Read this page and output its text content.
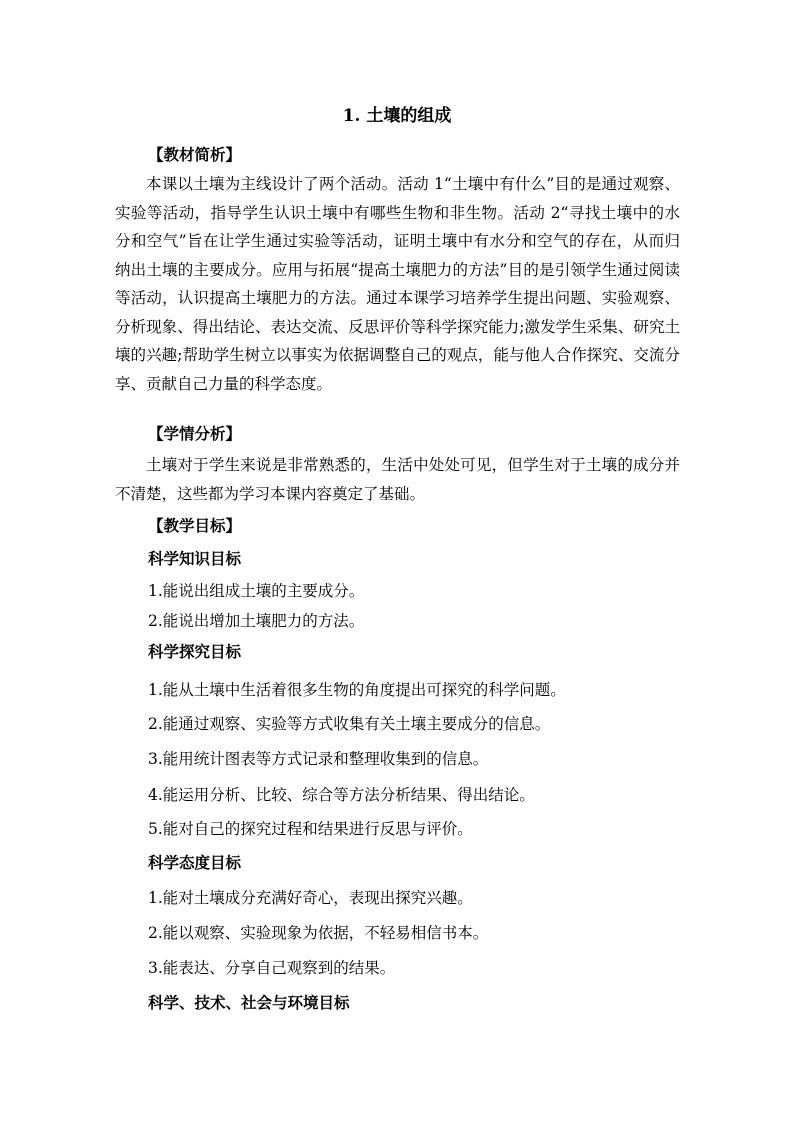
1. 土壤的组成
【教材简析】
本课以土壤为主线设计了两个活动。活动 1“土壤中有什么”目的是通过观察、实验等活动，指导学生认识土壤中有哪些生物和非生物。活动 2“寻找土壤中的水分和空气”旨在让学生通过实验等活动，证明土壤中有水分和空气的存在，从而归纳出土壤的主要成分。应用与拓展“提高土壤肥力的方法”目的是引领学生通过阅读等活动，认识提高土壤肥力的方法。通过本课学习培养学生提出问题、实验观察、分析现象、得出结论、表达交流、反思评价等科学探究能力;激发学生采集、研究土壤的兴趣;帮助学生树立以事实为依据调整自己的观点，能与他人合作探究、交流分享、贡献自己力量的科学态度。
【学情分析】
土壤对于学生来说是非常熟悉的，生活中处处可见，但学生对于土壤的成分并不清楚，这些都为学习本课内容奠定了基础。
【教学目标】
科学知识目标
1.能说出组成土壤的主要成分。
2.能说出增加土壤肥力的方法。
科学探究目标
1.能从土壤中生活着很多生物的角度提出可探究的科学问题。
2.能通过观察、实验等方式收集有关土壤主要成分的信息。
3.能用统计图表等方式记录和整理收集到的信息。
4.能运用分析、比较、综合等方法分析结果、得出结论。
5.能对自己的探究过程和结果进行反思与评价。
科学态度目标
1.能对土壤成分充满好奇心，表现出探究兴趣。
2.能以观察、实验现象为依据，不轻易相信书本。
3.能表达、分享自己观察到的结果。
科学、技术、社会与环境目标
